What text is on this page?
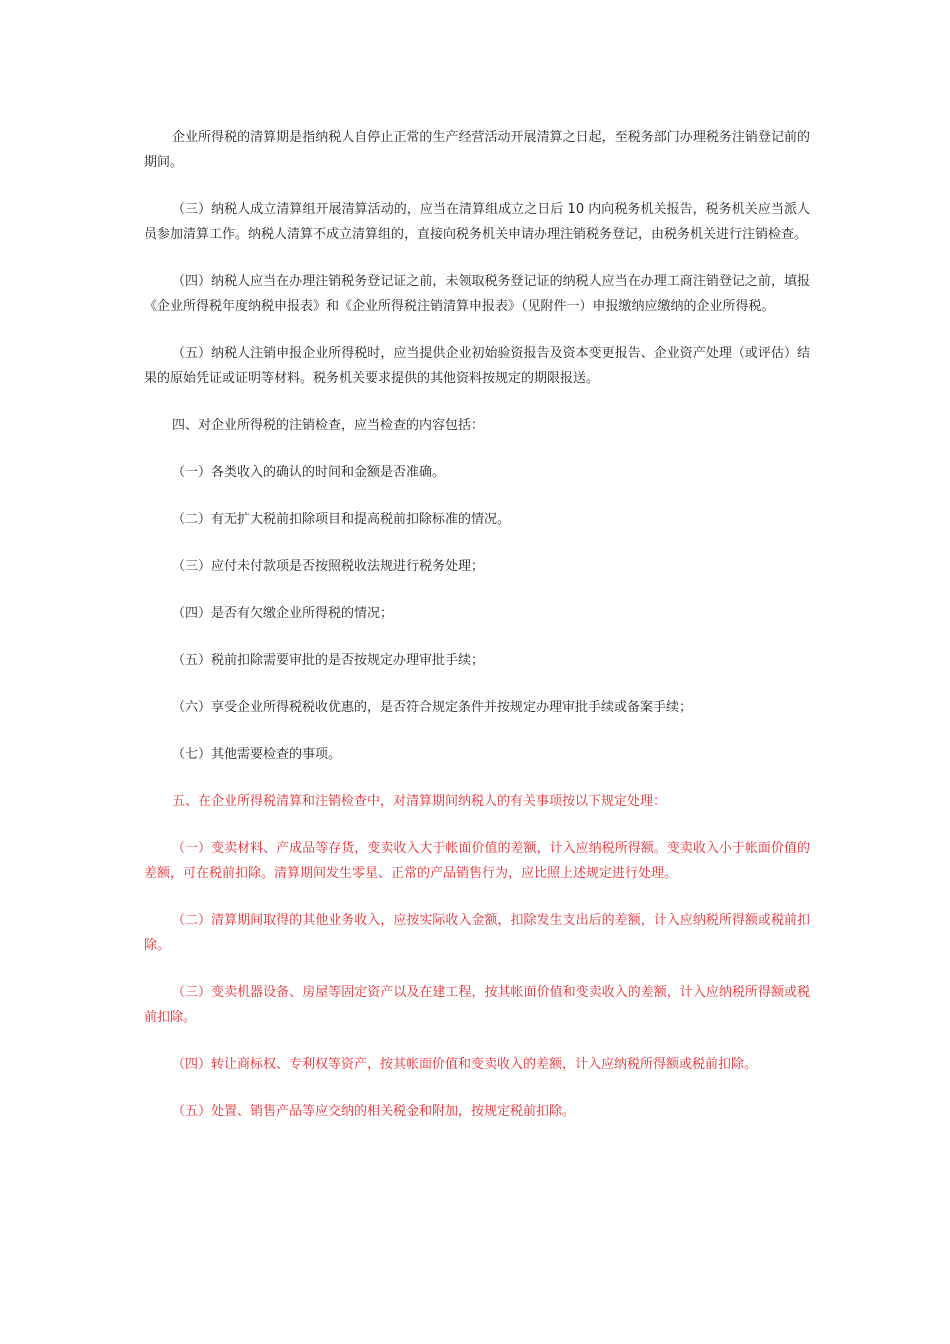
企业所得税的清算期是指纳税人自停止正常的生产经营活动开展清算之日起，至税务部门办理税务注销登记前的期间。

（三）纳税人成立清算组开展清算活动的，应当在清算组成立之日后 10 内向税务机关报告，税务机关应当派人员参加清算工作。纳税人清算不成立清算组的，直接向税务机关申请办理注销税务登记，由税务机关进行注销检查。

（四）纳税人应当在办理注销税务登记证之前，未领取税务登记证的纳税人应当在办理工商注销登记之前，填报《企业所得税年度纳税申报表》和《企业所得税注销清算申报表》（见附件一）申报缴纳应缴纳的企业所得税。

（五）纳税人注销申报企业所得税时，应当提供企业初始验资报告及资本变更报告、企业资产处理（或评估）结果的原始凭证或证明等材料。税务机关要求提供的其他资料按规定的期限报送。

四、对企业所得税的注销检查，应当检查的内容包括：

（一）各类收入的确认的时间和金额是否准确。

（二）有无扩大税前扣除项目和提高税前扣除标准的情况。

（三）应付未付款项是否按照税收法规进行税务处理；

（四）是否有欠缴企业所得税的情况；

（五）税前扣除需要审批的是否按规定办理审批手续；

（六）享受企业所得税税收优惠的，是否符合规定条件并按规定办理审批手续或备案手续；

（七）其他需要检查的事项。

五、在企业所得税清算和注销检查中，对清算期间纳税人的有关事项按以下规定处理：

（一）变卖材料、产成品等存货，变卖收入大于帐面价值的差额，计入应纳税所得额。变卖收入小于帐面价值的差额，可在税前扣除。清算期间发生零星、正常的产品销售行为，应比照上述规定进行处理。

（二）清算期间取得的其他业务收入，应按实际收入金额，扣除发生支出后的差额，计入应纳税所得额或税前扣除。

（三）变卖机器设备、房屋等固定资产以及在建工程，按其帐面价值和变卖收入的差额，计入应纳税所得额或税前扣除。

（四）转让商标权、专利权等资产，按其帐面价值和变卖收入的差额，计入应纳税所得额或税前扣除。

（五）处置、销售产品等应交纳的相关税金和附加，按规定税前扣除。
